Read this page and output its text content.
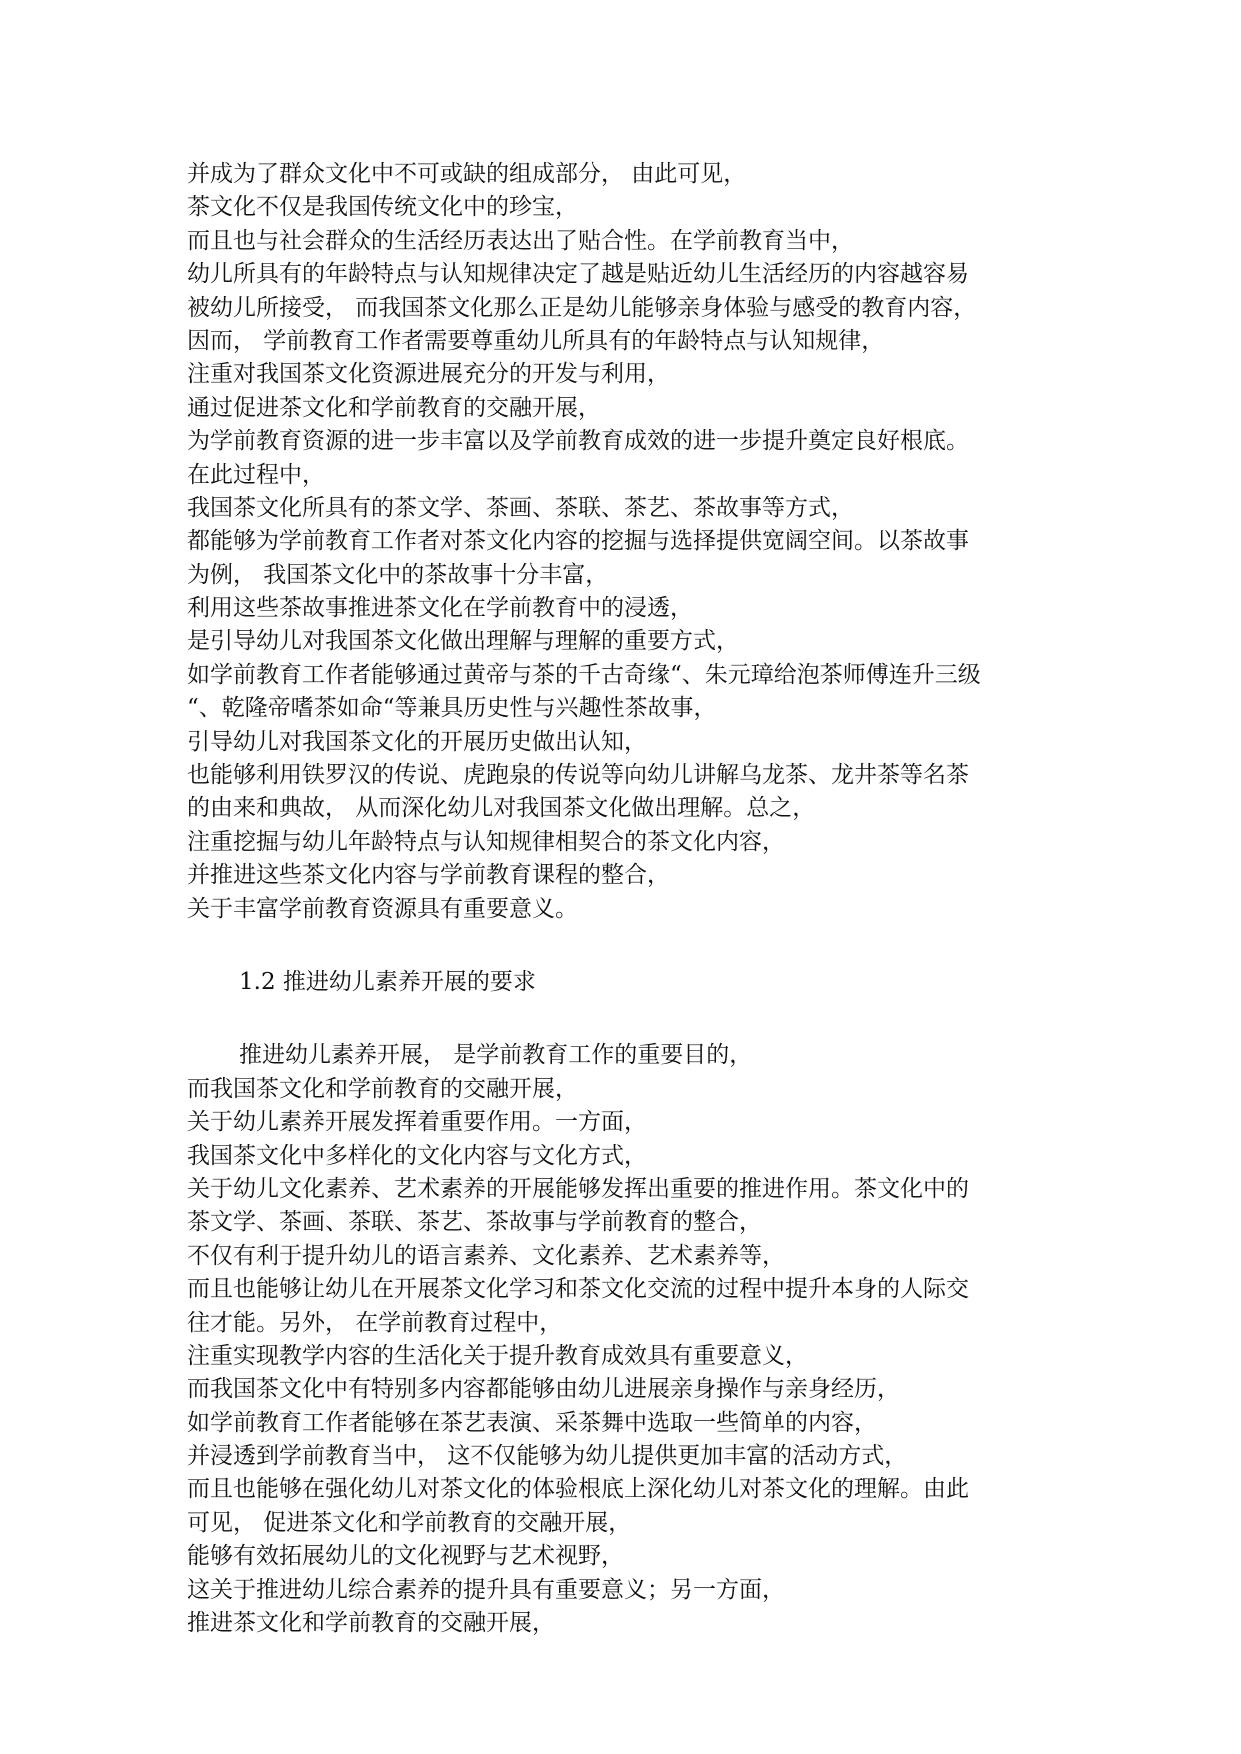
并成为了群众文化中不可或缺的组成部分， 由此可见，
茶文化不仅是我国传统文化中的珍宝，
而且也与社会群众的生活经历表达出了贴合性。在学前教育当中，
幼儿所具有的年龄特点与认知规律决定了越是贴近幼儿生活经历的内容越容易
被幼儿所接受， 而我国茶文化那么正是幼儿能够亲身体验与感受的教育内容，
因而， 学前教育工作者需要尊重幼儿所具有的年龄特点与认知规律，
注重对我国茶文化资源进展充分的开发与利用，
通过促进茶文化和学前教育的交融开展，
为学前教育资源的进一步丰富以及学前教育成效的进一步提升奠定良好根底。
在此过程中，
我国茶文化所具有的茶文学、茶画、茶联、茶艺、茶故事等方式，
都能够为学前教育工作者对茶文化内容的挖掘与选择提供宽阔空间。以茶故事
为例， 我国茶文化中的茶故事十分丰富，
利用这些茶故事推进茶文化在学前教育中的浸透，
是引导幼儿对我国茶文化做出理解与理解的重要方式，
如学前教育工作者能够通过黄帝与茶的千古奇缘“、朱元璋给泡茶师傅连升三级
“、乾隆帝嗜茶如命“等兼具历史性与兴趣性茶故事，
引导幼儿对我国茶文化的开展历史做出认知，
也能够利用铁罗汉的传说、虎跑泉的传说等向幼儿讲解乌龙茶、龙井茶等名茶
的由来和典故， 从而深化幼儿对我国茶文化做出理解。总之，
注重挖掘与幼儿年龄特点与认知规律相契合的茶文化内容，
并推进这些茶文化内容与学前教育课程的整合，
关于丰富学前教育资源具有重要意义。
1.2 推进幼儿素养开展的要求
推进幼儿素养开展， 是学前教育工作的重要目的，
而我国茶文化和学前教育的交融开展，
关于幼儿素养开展发挥着重要作用。一方面，
我国茶文化中多样化的文化内容与文化方式，
关于幼儿文化素养、艺术素养的开展能够发挥出重要的推进作用。茶文化中的
茶文学、茶画、茶联、茶艺、茶故事与学前教育的整合，
不仅有利于提升幼儿的语言素养、文化素养、艺术素养等，
而且也能够让幼儿在开展茶文化学习和茶文化交流的过程中提升本身的人际交
往才能。另外， 在学前教育过程中，
注重实现教学内容的生活化关于提升教育成效具有重要意义，
而我国茶文化中有特别多内容都能够由幼儿进展亲身操作与亲身经历，
如学前教育工作者能够在茶艺表演、采茶舞中选取一些简单的内容，
并浸透到学前教育当中， 这不仅能够为幼儿提供更加丰富的活动方式，
而且也能够在强化幼儿对茶文化的体验根底上深化幼儿对茶文化的理解。由此
可见， 促进茶文化和学前教育的交融开展，
能够有效拓展幼儿的文化视野与艺术视野，
这关于推进幼儿综合素养的提升具有重要意义；另一方面，
推进茶文化和学前教育的交融开展，
